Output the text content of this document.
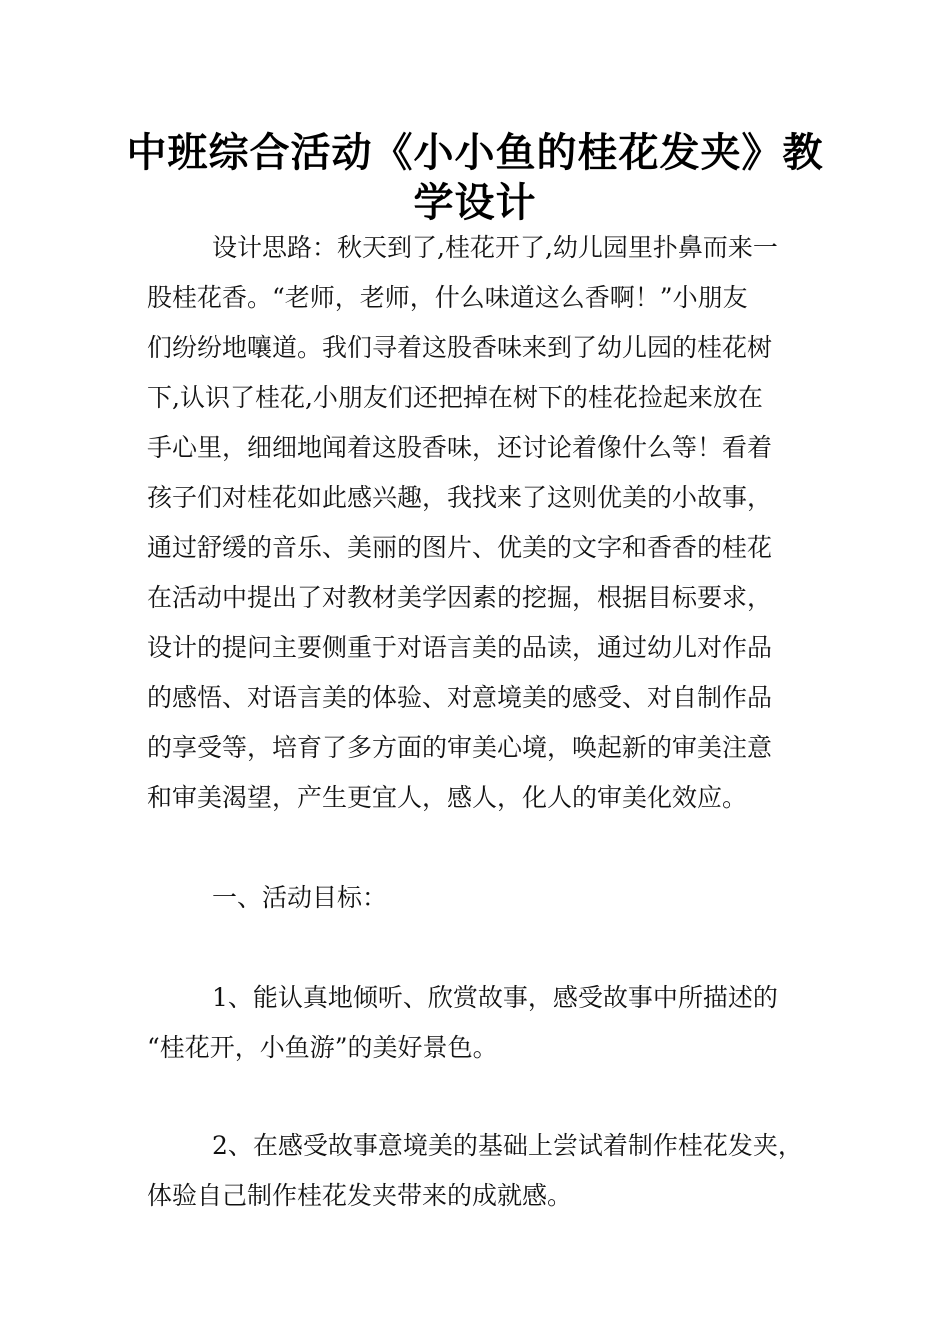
中班综合活动《小小鱼的桂花发夹》教
学设计

设计思路：秋天到了,桂花开了,幼儿园里扑鼻而来一

股桂花香。“老师，老师，什么味道这么香啊！”小朋友

们纷纷地嚷道。我们寻着这股香味来到了幼儿园的桂花树

下,认识了桂花,小朋友们还把掉在树下的桂花捡起来放在

手心里，细细地闻着这股香味，还讨论着像什么等！看着

孩子们对桂花如此感兴趣，我找来了这则优美的小故事，

通过舒缓的音乐、美丽的图片、优美的文字和香香的桂花

在活动中提出了对教材美学因素的挖掘，根据目标要求，

设计的提问主要侧重于对语言美的品读，通过幼儿对作品

的感悟、对语言美的体验、对意境美的感受、对自制作品

的享受等，培育了多方面的审美心境，唤起新的审美注意

和审美渴望，产生更宜人，感人，化人的审美化效应。

一、活动目标：

1、能认真地倾听、欣赏故事，感受故事中所描述的

“桂花开，小鱼游”的美好景色。

2、在感受故事意境美的基础上尝试着制作桂花发夹，

体验自己制作桂花发夹带来的成就感。
